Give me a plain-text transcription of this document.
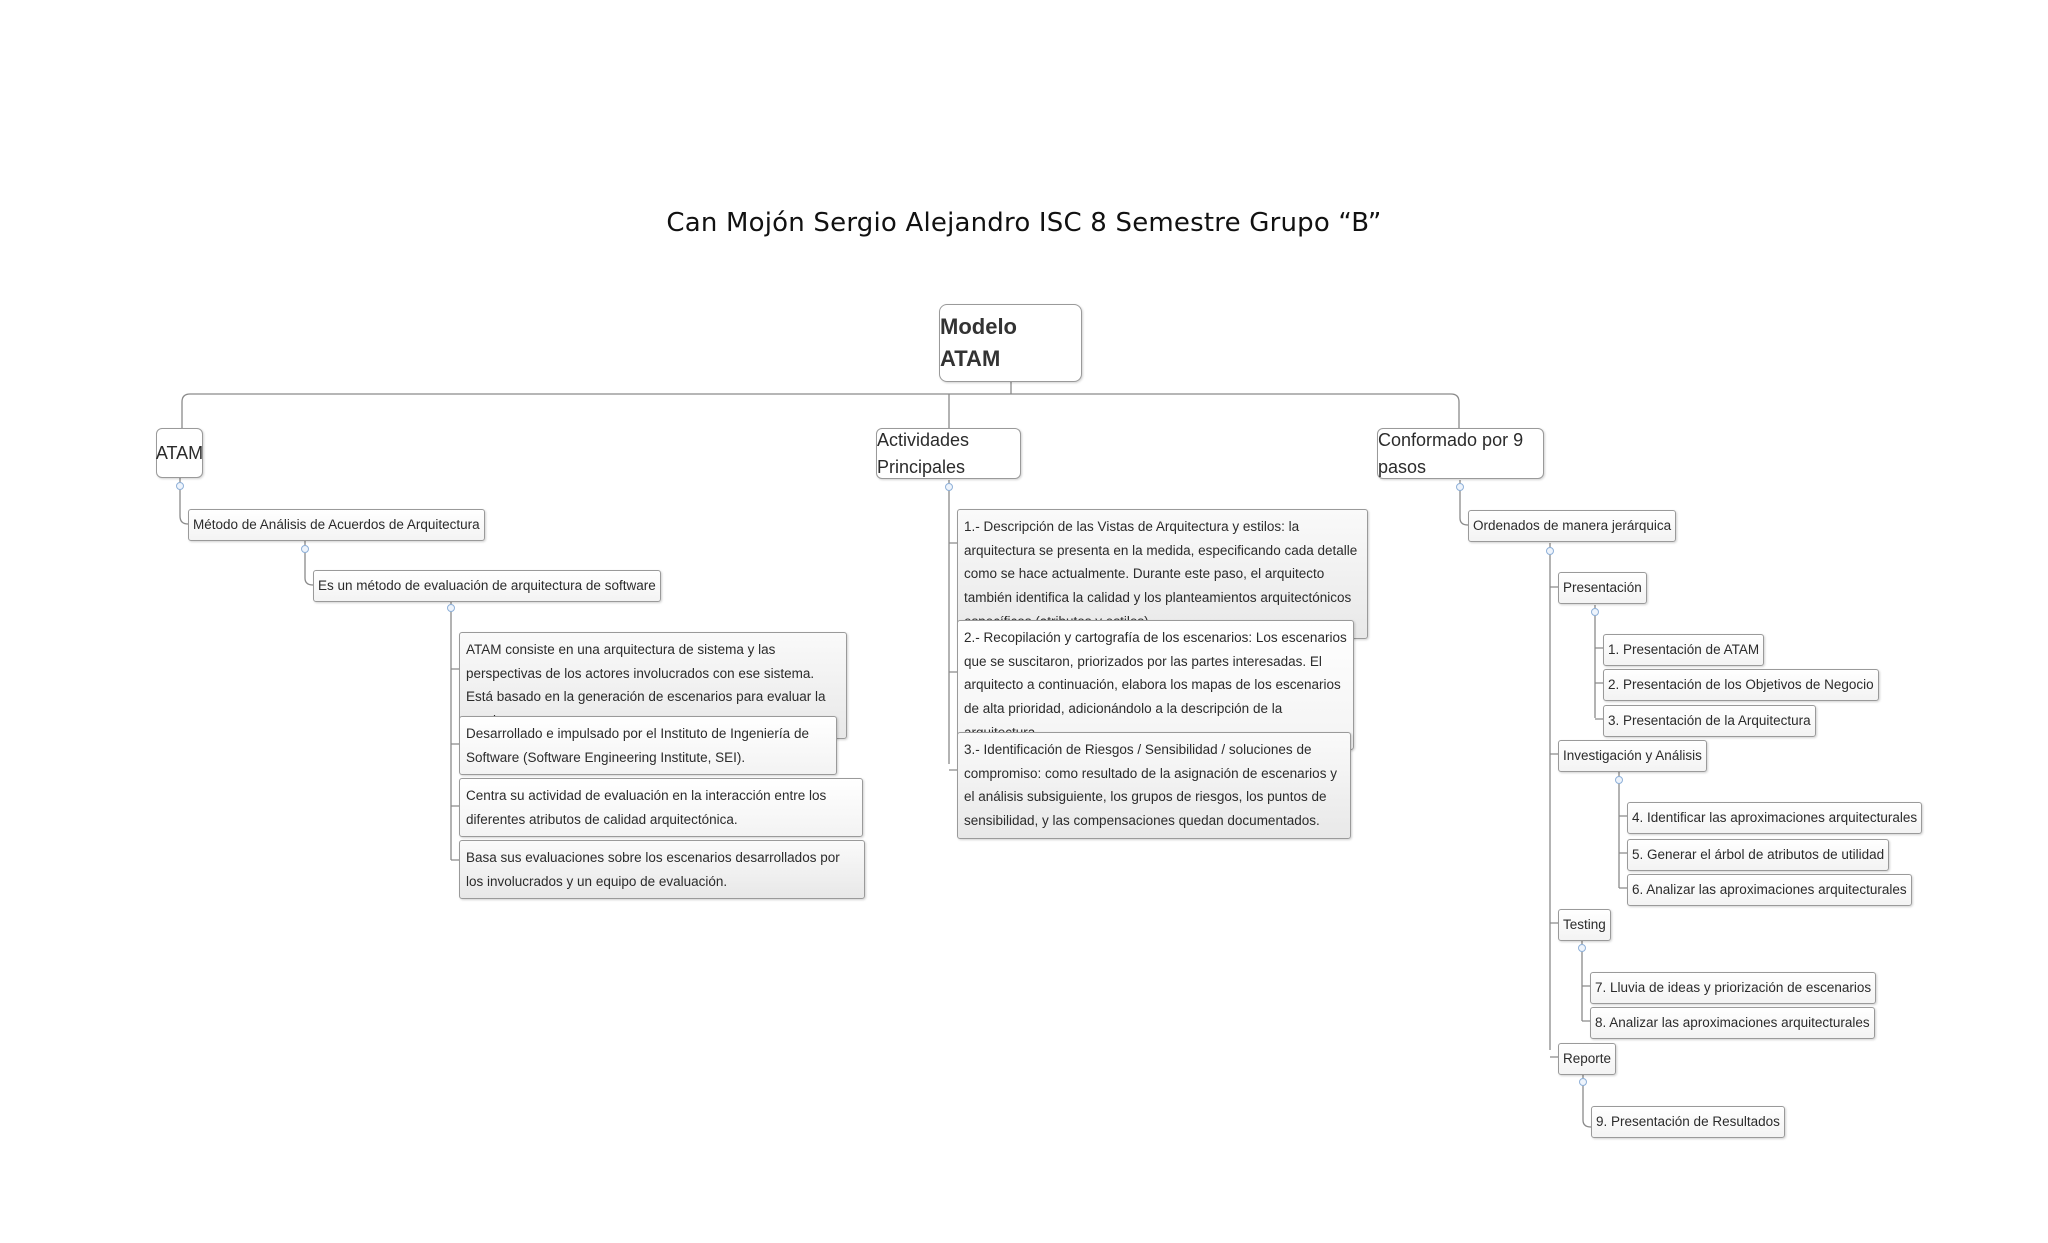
Can Mojón Sergio Alejandro ISC 8 Semestre Grupo “B”
Modelo ATAM
ATAM
Actividades Principales
Conformado por 9 pasos
Método de Análisis de Acuerdos de Arquitectura
Es un método de evaluación de arquitectura de software
ATAM consiste en una arquitectura de sistema y las perspectivas de los actores involucrados con ese sistema. Está basado en la generación de escenarios para evaluar la
Desarrollado e impulsado por el Instituto de Ingeniería de Software (Software Engineering Institute, SEI).
Centra su actividad de evaluación en la interacción entre los diferentes atributos de calidad arquitectónica.
Basa sus evaluaciones sobre los escenarios desarrollados por los involucrados y un equipo de evaluación.
1.- Descripción de las Vistas de Arquitectura y estilos: la arquitectura se presenta en la medida, especificando cada detalle como se hace actualmente. Durante este paso, el arquitecto también identifica la calidad y los planteamientos arquitectónicos
2.- Recopilación y cartografía de los escenarios: Los escenarios que se suscitaron, priorizados por las partes interesadas. El arquitecto a continuación, elabora los mapas de los escenarios de alta prioridad, adicionándolo a la descripción de la
3.- Identificación de Riesgos / Sensibilidad / soluciones de compromiso: como resultado de la asignación de escenarios y el análisis subsiguiente, los grupos de riesgos, los puntos de sensibilidad, y las compensaciones quedan documentados.
Ordenados de manera jerárquica
Presentación
1. Presentación de ATAM
2. Presentación de los Objetivos de Negocio
3. Presentación de la Arquitectura
Investigación y Análisis
4. Identificar las aproximaciones arquitecturales
5. Generar el árbol de atributos de utilidad
6. Analizar las aproximaciones arquitecturales
Testing
7. Lluvia de ideas y priorización de escenarios
8. Analizar las aproximaciones arquitecturales
Reporte
9. Presentación de Resultados
